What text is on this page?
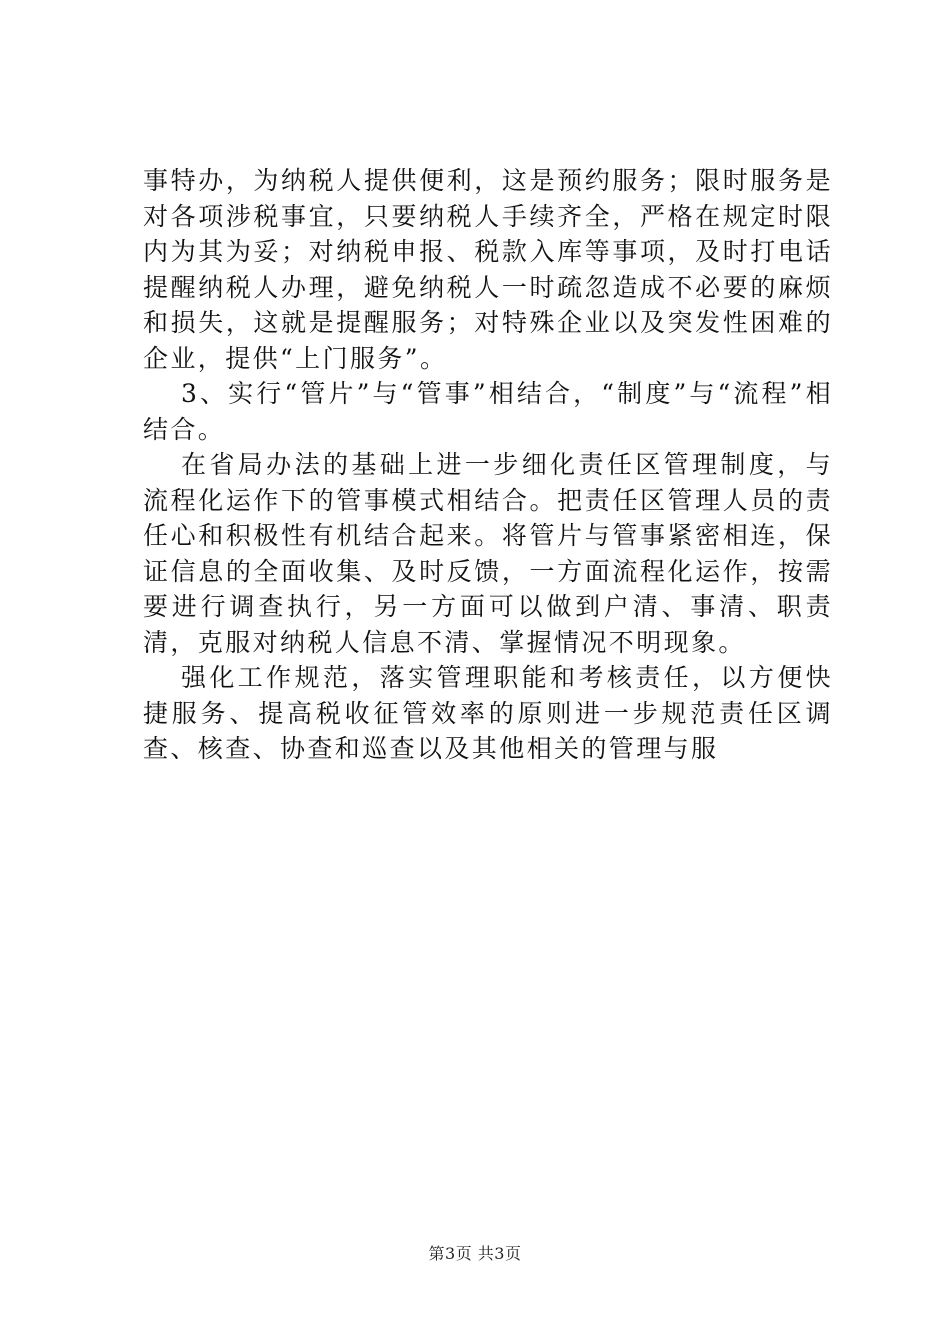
事特办，为纳税人提供便利，这是预约服务；限时服务是对各项涉税事宜，只要纳税人手续齐全，严格在规定时限内为其为妥；对纳税申报、税款入库等事项，及时打电话提醒纳税人办理，避免纳税人一时疏忽造成不必要的麻烦和损失，这就是提醒服务；对特殊企业以及突发性困难的企业，提供“上门服务”。

3、实行“管片”与“管事”相结合，“制度”与“流程”相结合。

在省局办法的基础上进一步细化责任区管理制度，与流程化运作下的管事模式相结合。把责任区管理人员的责任心和积极性有机结合起来。将管片与管事紧密相连，保证信息的全面收集、及时反馈，一方面流程化运作，按需要进行调查执行，另一方面可以做到户清、事清、职责清，克服对纳税人信息不清、掌握情况不明现象。

强化工作规范，落实管理职能和考核责任，以方便快捷服务、提高税收征管效率的原则进一步规范责任区调查、核查、协查和巡查以及其他相关的管理与服

第3页 共3页
